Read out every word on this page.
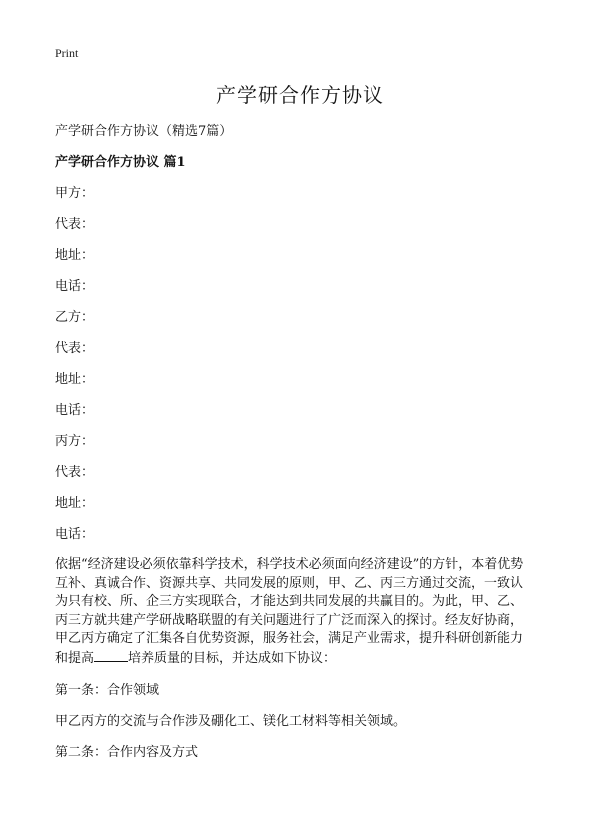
Print
产学研合作方协议
产学研合作方协议（精选7篇）
产学研合作方协议 篇1
甲方：
代表：
地址：
电话：
乙方：
代表：
地址：
电话：
丙方：
代表：
地址：
电话：
依据“经济建设必须依靠科学技术，科学技术必须面向经济建设”的方针，本着优势
互补、真诚合作、资源共享、共同发展的原则，甲、乙、丙三方通过交流，一致认
为只有校、所、企三方实现联合，才能达到共同发展的共赢目的。为此，甲、乙、
丙三方就共建产学研战略联盟的有关问题进行了广泛而深入的探讨。经友好协商，
甲乙丙方确定了汇集各自优势资源，服务社会，满足产业需求，提升科研创新能力
和提高	培养质量的目标，并达成如下协议：
第一条：合作领域
甲乙丙方的交流与合作涉及硼化工、镁化工材料等相关领域。
第二条：合作内容及方式
